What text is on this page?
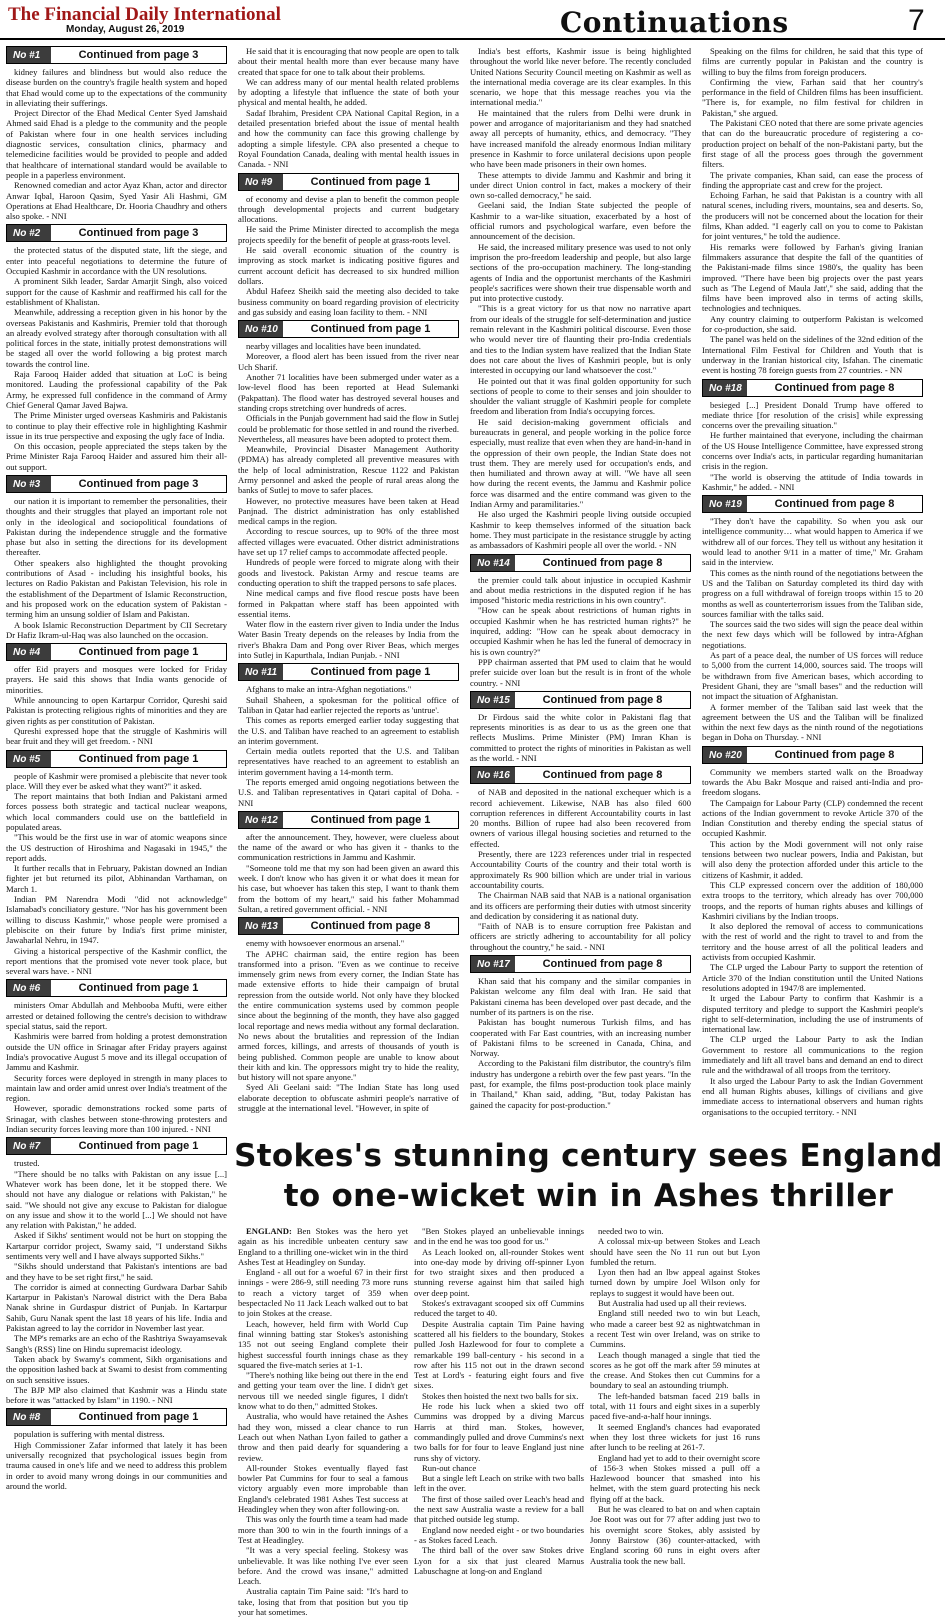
The Financial Daily International
Monday, August 26, 2019	Continuations	7
No #1	Continued from page 3

kidney failures and blindness but would also reduce the disease burden on the country's fragile health system and hoped that Ehad would come up to the expectations of the community in alleviating their sufferings.

Project Director of the Ehad Medical Center Syed Jamshaid Ahmed said Ehad is a pledge to the community and the people of Pakistan where four in one health services including diagnostic services, consultation clinics, pharmacy and telemedicine facilities would be provided to people and added that healthcare of international standard would be available to people in a paperless environment.

Renowned comedian and actor Ayaz Khan, actor and director Anwar Iqbal, Haroon Qasim, Syed Yasir Ali Hashmi, GM Operations at Ehad Healthcare, Dr. Hooria Chaudhry and others also spoke. - NNI

No #2	Continued from page 3

the protected status of the disputed state, lift the siege, and enter into peaceful negotiations to determine the future of Occupied Kashmir in accordance with the UN resolutions.

A prominent Sikh leader, Sardar Amarjit Singh, also voiced support for the cause of Kashmir and reaffirmed his call for the establishment of Khalistan.

Meanwhile, addressing a reception given in his honor by the overseas Pakistanis and Kashmiris, Premier told that thorough an already evolved strategy after thorough consultation with all political forces in the state, initially protest demonstrations will be staged all over the world following a big protest march towards the control line.

Raja Farooq Haider added that situation at LoC is being monitored. Lauding the professional capability of the Pak Army, he expressed full confidence in the command of Army Chief General Qamar Javed Bajwa.

The Prime Minister urged overseas Kashmiris and Pakistanis to continue to play their effective role in highlighting Kashmir issue in its true perspective and exposing the ugly face of India.

On this occasion, people appreciated the steps taken by the Prime Minister Raja Farooq Haider and assured him their all-out support.

No #3	Continued from page 3

our nation it is important to remember the personalities, their thoughts and their struggles that played an important role not only in the ideological and sociopolitical foundations of Pakistan during the independence struggle and the formative phase but also in setting the directions for its development thereafter.

Other speakers also highlighted the thought provoking contributions of Asad - including his insightful books, his lectures on Radio Pakistan and Pakistan Television, his role in the establishment of the Department of Islamic Reconstruction, and his proposed work on the education system of Pakistan - terming him an unsung soldier of Islam and Pakistan.

A book Islamic Reconstruction Department by CII Secretary Dr Hafiz Ikram-ul-Haq was also launched on the occasion.

No #4	Continued from page 1

offer Eid prayers and mosques were locked for Friday prayers. He said this shows that India wants genocide of minorities.

While announcing to open Kartarpur Corridor, Qureshi said Pakistan is protecting religious rights of minorities and they are given rights as per constitution of Pakistan.

Qureshi expressed hope that the struggle of Kashmiris will bear fruit and they will get freedom. - NNI

No #5	Continued from page 1

people of Kashmir were promised a plebiscite that never took place. Will they ever be asked what they want?" it asked.

The report maintains that both Indian and Pakistani armed forces possess both strategic and tactical nuclear weapons, which local commanders could use on the battlefield in populated areas.

"This would be the first use in war of atomic weapons since the US destruction of Hiroshima and Nagasaki in 1945," the report adds.

It further recalls that in February, Pakistan downed an Indian fighter jet but returned its pilot, Abhinandan Varthaman, on March 1.

Indian PM Narendra Modi "did not acknowledge" Islamabad's conciliatory gesture. "Nor has his government been willing to discuss Kashmir," whose people were promised a plebiscite on their future by India's first prime minister, Jawaharlal Nehru, in 1947.

Giving a historical perspective of the Kashmir conflict, the report mentions that the promised vote never took place, but several wars have. - NNI

No #6	Continued from page 1

ministers Omar Abdullah and Mehbooba Mufti, were either arrested or detained following the centre's decision to withdraw special status, said the report.

Kashmiris were barred from holding a protest demonstration outside the UN office in Srinagar after Friday prayers against India's provocative August 5 move and its illegal occupation of Jammu and Kashmir.

Security forces were deployed in strength in many places to maintain law and order amid unrest over India's treatment of the region.

However, sporadic demonstrations rocked some parts of Srinagar, with clashes between stone-throwing protesters and Indian security forces leaving more than 100 injured. - NNI

No #7	Continued from page 1

trusted.

"There should be no talks with Pakistan on any issue [...] Whatever work has been done, let it be stopped there. We should not have any dialogue or relations with Pakistan," he said. "We should not give any excuse to Pakistan for dialogue on any issue and show it to the world [...] We should not have any relation with Pakistan," he added.

Asked if Sikhs' sentiment would not be hurt on stopping the Kartarpur corridor project, Swamy said, "I understand Sikhs sentiments very well and I have always supported Sikhs."

"Sikhs should understand that Pakistan's intentions are bad and they have to be set right first," he said.

The corridor is aimed at connecting Gurdwara Darbar Sahib Kartarpur in Pakistan's Narowal district with the Dera Baba Nanak shrine in Gurdaspur district of Punjab. In Kartarpur Sahib, Guru Nanak spent the last 18 years of his life. India and Pakistan agreed to lay the corridor in November last year.

The MP's remarks are an echo of the Rashtriya Swayamsevak Sangh's (RSS) line on Hindu supremacist ideology.

Taken aback by Swamy's comment, Sikh organisations and the opposition lashed back at Swami to desist from commenting on such sensitive issues.

The BJP MP also claimed that Kashmir was a Hindu state before it was "attacked by Islam" in 1190. - NNI

No #8	Continued from page 1

population is suffering with mental distress.

High Commissioner Zafar informed that lately it has been universally recognized that psychological issues begin from trauma caused in one's life and we need to address this problem in order to avoid many wrong doings in our communities and around the world.

He said that it is encouraging that now people are open to talk about their mental health more than ever because many have created that space for one to talk about their problems.

We can address many of our mental health related problems by adopting a lifestyle that influence the state of both your physical and mental health, he added.

Sadaf Ibrahim, President CPA National Capital Region, in a detailed presentation briefed about the issue of mental health and how the community can face this growing challenge by adopting a simple lifestyle. CPA also presented a cheque to Royal Foundation Canada, dealing with mental health issues in Canada. - NNI

No #9	Continued from page 1

of economy and devise a plan to benefit the common people through developmental projects and current budgetary allocations.

He said the Prime Minister directed to accomplish the mega projects speedily for the benefit of people at grass-roots level.

He said overall economic situation of the country is improving as stock market is indicating positive figures and current account deficit has decreased to six hundred million dollars.

Abdul Hafeez Sheikh said the meeting also decided to take business community on board regarding provision of electricity and gas subsidy and easing loan facility to them. - NNI

No #10	Continued from page 1

nearby villages and localities have been inundated.

Moreover, a flood alert has been issued from the river near Uch Sharif.

Another 71 localities have been submerged under water as a low-level flood has been reported at Head Sulemanki (Pakpattan). The flood water has destroyed several houses and standing crops stretching over hundreds of acres.

Officials in the Punjab government had said the flow in Sutlej could be problematic for those settled in and round the riverbed. Nevertheless, all measures have been adopted to protect them.

Meanwhile, Provincial Disaster Management Authority (PDMA) has already completed all preventive measures with the help of local administration, Rescue 1122 and Pakistan Army personnel and asked the people of rural areas along the banks of Sutlej to move to safer places.

However, no protective measures have been taken at Head Panjnad. The district administration has only established medical camps in the region.

According to rescue sources, up to 90% of the three most affected villages were evacuated. Other district administrations have set up 17 relief camps to accommodate affected people.

Hundreds of people were forced to migrate along with their goods and livestock. Pakistan Army and rescue teams are conducting operation to shift the trapped persons to safe places.

Nine medical camps and five flood rescue posts have been formed in Pakpattan where staff has been appointed with essential items.

Water flow in the eastern river given to India under the Indus Water Basin Treaty depends on the releases by India from the river's Bhakra Dam and Pong over River Beas, which merges into Sutlej in Kapurthala, Indian Punjab. - NNI

No #11	Continued from page 1

Afghans to make an intra-Afghan negotiations."

Suhail Shaheen, a spokesman for the political office of Taliban in Qatar had earlier rejected the reports as 'untrue'.

This comes as reports emerged earlier today suggesting that the U.S. and Taliban have reached to an agreement to establish an interim government.

Certain media outlets reported that the U.S. and Taliban representatives have reached to an agreement to establish an interim government having a 14-month term.

The reports emerged amid ongoing negotiations between the U.S. and Taliban representatives in Qatari capital of Doha. - NNI

No #12	Continued from page 1

after the announcement. They, however, were clueless about the name of the award or who has given it - thanks to the communication restrictions in Jammu and Kashmir.

"Someone told me that my son had been given an award this week. I don't know who has given it or what does it mean for his case, but whoever has taken this step, I want to thank them from the bottom of my heart," said his father Mohammad Sultan, a retired government official. - NNI

No #13	Continued from page 8

enemy with howsoever enormous an arsenal."

The APHC chairman said, the entire region has been transformed into a prison. "Even as we continue to receive immensely grim news from every corner, the Indian State has made extensive efforts to hide their campaign of brutal repression from the outside world. Not only have they blocked the entire communication systems used by common people since about the beginning of the month, they have also gagged local reportage and news media without any formal declaration. No news about the brutalities and repression of the Indian armed forces, killings, and arrests of thousands of youth is being published. Common people are unable to know about their kith and kin. The oppressors might try to hide the reality, but history will not spare anyone."

Syed Ali Geelani said: "The Indian State has long used elaborate deception to obfuscate ashmiri people's narrative of struggle at the international level. "However, in spite of

India's best efforts, Kashmir issue is being highlighted throughout the world like never before. The recently concluded United Nations Security Council meeting on Kashmir as well as the international media coverage are its clear examples. In this scenario, we hope that this message reaches you via the international media."

He maintained that the rulers from Delhi were drunk in power and arrogance of majoritarianism and they had snatched away all percepts of humanity, ethics, and democracy. "They have increased manifold the already enormous Indian military presence in Kashmir to force unilateral decisions upon people who have been made prisoners in their own homes.

These attempts to divide Jammu and Kashmir and bring it under direct Union control in fact, makes a mockery of their own so-called democracy," he said.

Geelani said, the Indian State subjected the people of Kashmir to a war-like situation, exacerbated by a host of official rumors and psychological warfare, even before the announcement of the decision.

He said, the increased military presence was used to not only imprison the pro-freedom leadership and people, but also large sections of the pro-occupation machinery. The long-standing agents of India and the opportunist merchants of the Kashmiri people's sacrifices were shown their true dispensable worth and put into protective custody.

"This is a great victory for us that now no narrative apart from our ideals of the struggle for self-determination and justice remain relevant in the Kashmiri political discourse. Even those who would never tire of flaunting their pro-India credentials and ties to the Indian system have realized that the Indian State does not care about the lives of Kashmiri people, but is only interested in occupying our land whatsoever the cost."

He pointed out that it was final golden opportunity for such sections of people to come to their senses and join shoulder to shoulder the valiant struggle of Kashmiri people for complete freedom and liberation from India's occupying forces.

He said decision-making government officials and bureaucrats in general, and people working in the police force especially, must realize that even when they are hand-in-hand in the oppression of their own people, the Indian State does not trust them. They are merely used for occupation's ends, and then humiliated and thrown away at will. "We have all seen how during the recent events, the Jammu and Kashmir police force was disarmed and the entire command was given to the Indian Army and paramilitaries."

He also urged the Kashmiri people living outside occupied Kashmir to keep themselves informed of the situation back home. They must participate in the resistance struggle by acting as ambassadors of Kashmiri people all over the world. - NN

No #14	Continued from page 8

the premier could talk about injustice in occupied Kashmir and about media restrictions in the disputed region if he has imposed "historic media restrictions in his own country".

"How can he speak about restrictions of human rights in occupied Kashmir when he has restricted human rights?" he inquired, adding: "How can he speak about democracy in occupied Kashmir when he has led the funeral of democracy in his is own country?"

PPP chairman asserted that PM used to claim that he would prefer suicide over loan but the result is in front of the whole country. - NNI

No #15	Continued from page 8

Dr Firdous said the white color in Pakistani flag that represents minorities is as dear to us as the green one that reflects Muslims. Prime Minister (PM) Imran Khan is committed to protect the rights of minorities in Pakistan as well as the world. - NNI

No #16	Continued from page 8

of NAB and deposited in the national exchequer which is a record achievement. Likewise, NAB has also filed 600 corruption references in different Accountability courts in last 20 months. Billion of rupee had also been recovered from owners of various illegal housing societies and returned to the effected.

Presently, there are 1223 references under trial in respected Accountability Courts of the country and their total worth is approximately Rs 900 billion which are under trial in various accountability courts.

The Chairman NAB said that NAB is a national organisation and its officers are performing their duties with utmost sincerity and dedication by considering it as national duty.

"Faith of NAB is to ensure corruption free Pakistan and officers are strictly adhering to accountability for all policy throughout the country," he said. - NNI

No #17	Continued from page 8

Khan said that his company and the similar companies in Pakistan welcome any film deal with Iran. He said that Pakistani cinema has been developed over past decade, and the number of its partners is on the rise.

Pakistan has bought numerous Turkish films, and has cooperated with Far East countries, with an increasing number of Pakistani films to be screened in Canada, China, and Norway.

According to the Pakistani film distributor, the country's film industry has undergone a rebirth over the few past years. "In the past, for example, the films post-production took place mainly in Thailand," Khan said, adding, "But, today Pakistan has gained the capacity for post-production."

Speaking on the films for children, he said that this type of films are currently popular in Pakistan and the country is willing to buy the films from foreign producers.

Confirming the view, Farhan said that her country's performance in the field of Children films has been insufficient. "There is, for example, no film festival for children in Pakistan," she argued.

The Pakistani CEO noted that there are some private agencies that can do the bureaucratic procedure of registering a co-production project on behalf of the non-Pakistani party, but the first stage of all the process goes through the government filters.

The private companies, Khan said, can ease the process of finding the appropriate cast and crew for the project.

Echoing Farhan, he said that Pakistan is a country with all natural scenes, including rivers, mountains, sea and deserts. So, the producers will not be concerned about the location for their films, Khan added. "I eagerly call on you to come to Pakistan for joint ventures," he told the audience.

His remarks were followed by Farhan's giving Iranian filmmakers assurance that despite the fall of the quantities of the Pakistani-made films since 1980's, the quality has been improved. "There have been big projects over the past years such as 'The Legend of Maula Jatt'," she said, adding that the films have been improved also in terms of acting skills, technologies and techniques.

Any country claiming to outperform Pakistan is welcomed for co-production, she said.

The panel was held on the sidelines of the 32nd edition of the International Film Festival for Children and Youth that is underway in the Iranian historical city, Isfahan. The cinematic event is hosting 78 foreign guests from 27 countries. - NN

No #18	Continued from page 8

besieged [...] President Donald Trump have offered to mediate thrice [for resolution of the crisis] while expressing concerns over the prevailing situation."

He further maintained that everyone, including the chairman of the US House Intelligence Committee, have expressed strong concerns over India's acts, in particular regarding humanitarian crisis in the region.

"The world is observing the attitude of India towards in Kashmir," he added. - NNI

No #19	Continued from page 8

"They don't have the capability. So when you ask our intelligence community… what would happen to America if we withdrew all of our forces. They tell us without any hesitation it would lead to another 9/11 in a matter of time," Mr. Graham said in the interview.

This comes as the ninth round of the negotiations between the US and the Taliban on Saturday completed its third day with progress on a full withdrawal of foreign troops within 15 to 20 months as well as counterterrorism issues from the Taliban side, sources familiar with the talks said.

The sources said the two sides will sign the peace deal within the next few days which will be followed by intra-Afghan negotiations.

As part of a peace deal, the number of US forces will reduce to 5,000 from the current 14,000, sources said. The troops will be withdrawn from five American bases, which according to President Ghani, they are "small bases" and the reduction will not impact the situation of Afghanistan.

A former member of the Taliban said last week that the agreement between the US and the Taliban will be finalized within the next few days as the ninth round of the negotiations began in Doha on Thursday. - NNI

No #20	Continued from page 8

Community we members started walk on the Broadway towards the Abu Bakr Mosque and raised anti-India and pro-freedom slogans.

The Campaign for Labour Party (CLP) condemned the recent actions of the Indian government to revoke Article 370 of the Indian Constitution and thereby ending the special status of occupied Kashmir.

This action by the Modi government will not only raise tensions between two nuclear powers, India and Pakistan, but will also deny the protection afforded under this article to the citizens of Kashmir, it added.

This CLP expressed concern over the addition of 180,000 extra troops to the territory, which already has over 700,000 troops, and the reports of human rights abuses and killings of Kashmiri civilians by the Indian troops.

It also deplored the removal of access to communications with the rest of world and the right to travel to and from the territory and the house arrest of all the political leaders and activists from occupied Kashmir.

The CLP urged the Labour Party to support the retention of Article 370 of the Indian constitution until the United Nations resolutions adopted in 1947/8 are implemented.

It urged the Labour Party to confirm that Kashmir is a disputed territory and pledge to support the Kashmiri people's right to self-determination, including the use of instruments of international law.

The CLP urged the Labour Party to ask the Indian Government to restore all communications to the region immediately and lift all travel bans and demand an end to direct rule and the withdrawal of all troops from the territory.

It also urged the Labour Party to ask the Indian Government end all human Rights abuses, killings of civilians and give immediate access to international observers and human rights organisations to the occupied territory. - NNI

Stokes's stunning century sees England
to one-wicket win in Ashes thriller

ENGLAND: Ben Stokes was the hero yet again as his incredible unbeaten century saw England to a thrilling one-wicket win in the third Ashes Test at Headingley on Sunday.

England - all out for a woeful 67 in their first innings - were 286-9, still needing 73 more runs to reach a victory target of 359 when bespectacled No 11 Jack Leach walked out to bat to join Stokes at the crease.

Leach, however, held firm with World Cup final winning batting star Stokes's astonishing 135 not out seeing England complete their highest successful fourth innings chase as they squared the five-match series at 1-1.

"There's nothing like being out there in the end and getting your team over the line. I didn't get nervous till we needed single figures, I didn't know what to do then," admitted Stokes.

Australia, who would have retained the Ashes had they won, missed a clear chance to run Leach out when Nathan Lyon failed to gather a throw and then paid dearly for squandering a review.

All-rounder Stokes eventually flayed fast bowler Pat Cummins for four to seal a famous victory arguably even more improbable than England's celebrated 1981 Ashes Test success at Headingley when they won after following-on.

This was only the fourth time a team had made more than 300 to win in the fourth innings of a Test at Headingley.

"It was a very special feeling. Stokesy was unbelievable. It was like nothing I've ever seen before. And the crowd was insane," admitted Leach.

Australia captain Tim Paine said: "It's hard to take, losing that from that position but you tip your hat sometimes.

"Ben Stokes played an unbelievable innings and in the end he was too good for us."

As Leach looked on, all-rounder Stokes went into one-day mode by driving off-spinner Lyon for two straight sixes and then produced a stunning reverse against him that sailed high over deep point.

Stokes's extravagant scooped six off Cummins reduced the target to 40.

Despite Australia captain Tim Paine having scattered all his fielders to the boundary, Stokes pulled Josh Hazlewood for four to complete a remarkable 199 ball-century - his second in a row after his 115 not out in the drawn second Test at Lord's - featuring eight fours and five sixes.

Stokes then hoisted the next two balls for six.

He rode his luck when a skied two off Cummins was dropped by a diving Marcus Harris at third man. Stokes, however, commandingly pulled and drove Cummins's next two balls for for four to leave England just nine runs shy of victory.

Run-out chance

But a single left Leach on strike with two balls left in the over.

The first of those sailed over Leach's head and the next saw Australia waste a review for a ball that pitched outside leg stump.

England now needed eight - or two boundaries - as Stokes faced Leach.

The third ball of the over saw Stokes drive Lyon for a six that just cleared Marnus Labuschagne at long-on and England

needed two to win.

A colossal mix-up between Stokes and Leach should have seen the No 11 run out but Lyon fumbled the return.

Lyon then had an lbw appeal against Stokes turned down by umpire Joel Wilson only for replays to suggest it would have been out.

But Australia had used up all their reviews.

England still needed two to win but Leach, who made a career best 92 as nightwatchman in a recent Test win over Ireland, was on strike to Cummins.

Leach though managed a single that tied the scores as he got off the mark after 59 minutes at the crease. And Stokes then cut Cummins for a boundary to seal an astounding triumph.

The left-handed batsman faced 219 balls in total, with 11 fours and eight sixes in a superbly paced five-and-a-half hour innings.

It seemed England's chances had evaporated when they lost three wickets for just 16 runs after lunch to be reeling at 261-7.

England had yet to add to their overnight score of 156-3 when Stokes missed a pull off a Hazlewood bouncer that smashed into his helmet, with the stem guard protecting his neck flying off at the back.

But he was cleared to bat on and when captain Joe Root was out for 77 after adding just two to his overnight score Stokes, ably assisted by Jonny Bairstow (36) counter-attacked, with England scoring 60 runs in eight overs after Australia took the new ball.
